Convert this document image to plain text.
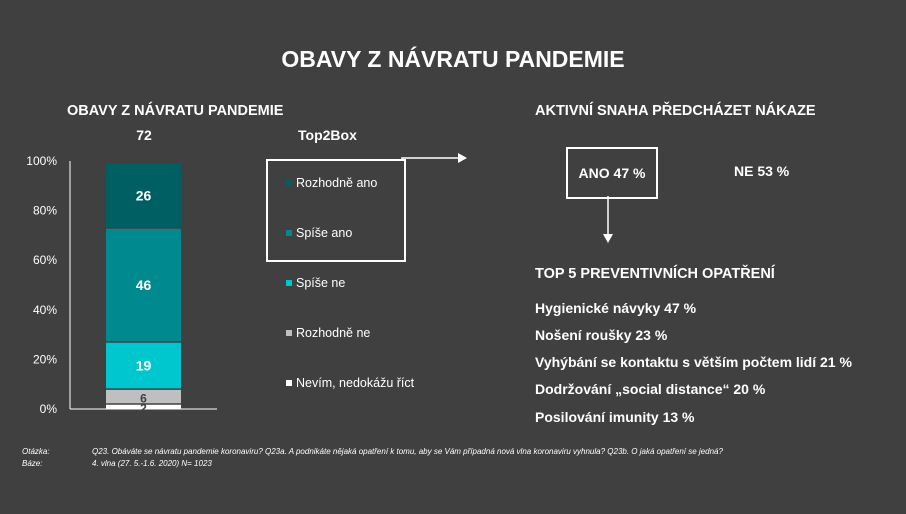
OBAVY Z NÁVRATU PANDEMIE
OBAVY Z NÁVRATU PANDEMIE
72	Top2Box
0%
20%
40%
60%
80%
100%
2
6
19
46
26
Rozhodně ano
Spíše ano
Spíše ne
Rozhodně ne
Nevím, nedokážu říct
AKTIVNÍ SNAHA PŘEDCHÁZET NÁKAZE
ANO 47 %	NE 53 %
TOP 5 PREVENTIVNÍCH OPATŘENÍ
Hygienické návyky 47 %
Nošení roušky 23 %
Vyhýbání se kontaktu s větším počtem lidí 21 %
Dodržování „social distance“ 20 %
Posilování imunity 13 %
Otázka:	Q23. Obáváte se návratu pandemie koronaviru? Q23a. A podnikáte nějaká opatření k tomu, aby se Vám případná nová vlna koronaviru vyhnula? Q23b. O jaká opatření se jedná?
Báze:	4. vlna (27. 5.-1.6. 2020) N= 1023
